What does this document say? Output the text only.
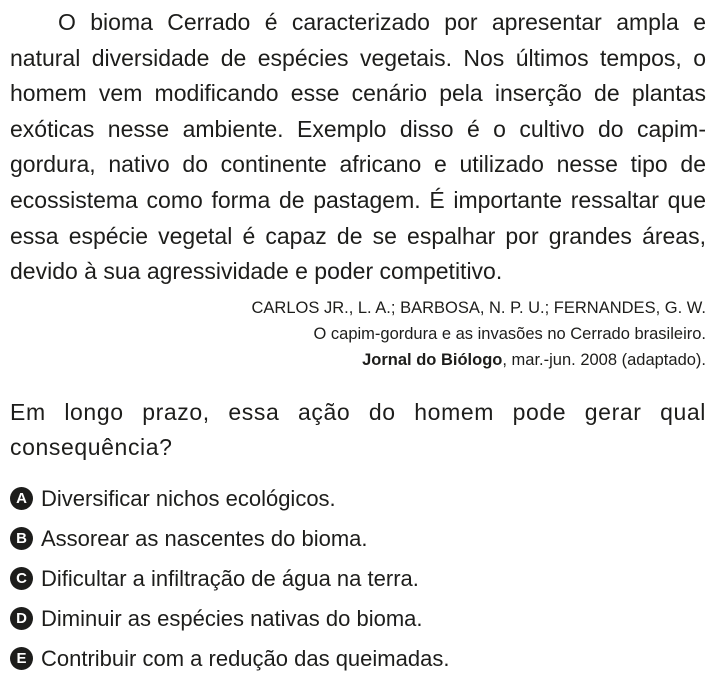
O bioma Cerrado é caracterizado por apresentar ampla e natural diversidade de espécies vegetais. Nos últimos tempos, o homem vem modificando esse cenário pela inserção de plantas exóticas nesse ambiente. Exemplo disso é o cultivo do capim-gordura, nativo do continente africano e utilizado nesse tipo de ecossistema como forma de pastagem. É importante ressaltar que essa espécie vegetal é capaz de se espalhar por grandes áreas, devido à sua agressividade e poder competitivo.

CARLOS JR., L. A.; BARBOSA, N. P. U.; FERNANDES, G. W.
O capim-gordura e as invasões no Cerrado brasileiro.
Jornal do Biólogo, mar.-jun. 2008 (adaptado).

Em longo prazo, essa ação do homem pode gerar qual consequência?

A Diversificar nichos ecológicos.
B Assorear as nascentes do bioma.
C Dificultar a infiltração de água na terra.
D Diminuir as espécies nativas do bioma.
E Contribuir com a redução das queimadas.
